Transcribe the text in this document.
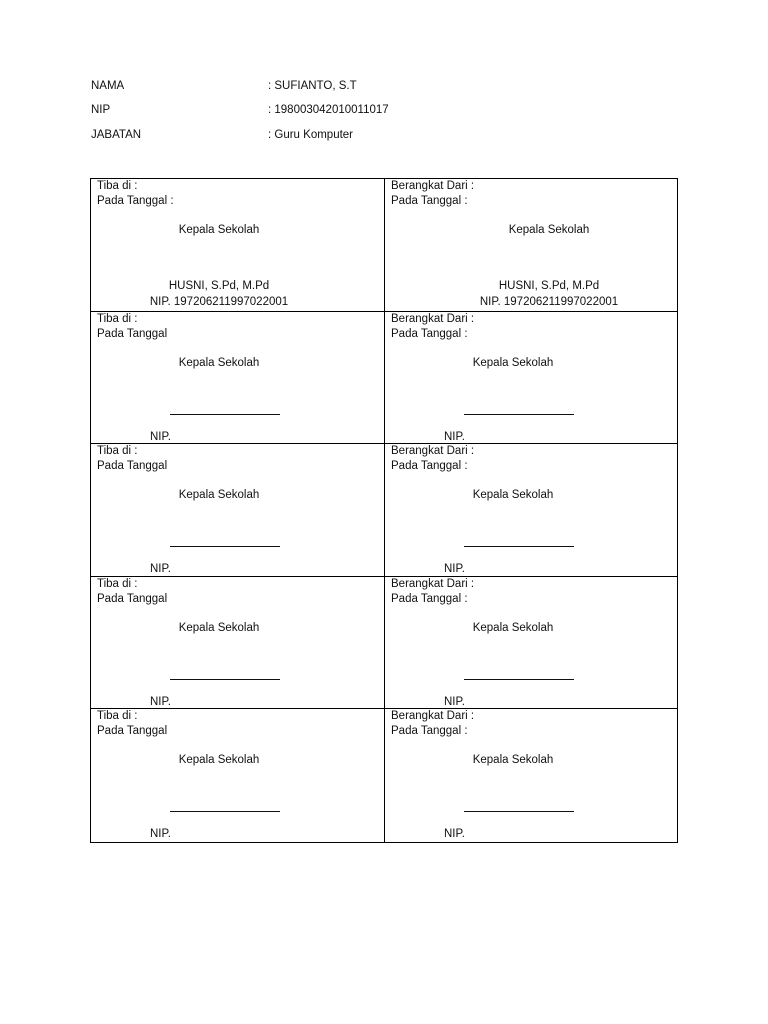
NAMA	: SUFIANTO, S.T
NIP	: 198003042010011017
JABATAN	: Guru Komputer
Tiba di :
Pada Tanggal :
Kepala Sekolah
HUSNI, S.Pd, M.Pd
NIP. 197206211997022001
Berangkat Dari :
Pada Tanggal :
Kepala Sekolah
HUSNI, S.Pd, M.Pd
NIP. 197206211997022001
Tiba di :
Pada Tanggal
Kepala Sekolah
NIP.
Berangkat Dari :
Pada Tanggal :
Kepala Sekolah
NIP.
Tiba di :
Pada Tanggal
Kepala Sekolah
NIP.
Berangkat Dari :
Pada Tanggal :
Kepala Sekolah
NIP.
Tiba di :
Pada Tanggal
Kepala Sekolah
NIP.
Berangkat Dari :
Pada Tanggal :
Kepala Sekolah
NIP.
Tiba di :
Pada Tanggal
Kepala Sekolah
NIP.
Berangkat Dari :
Pada Tanggal :
Kepala Sekolah
NIP.
